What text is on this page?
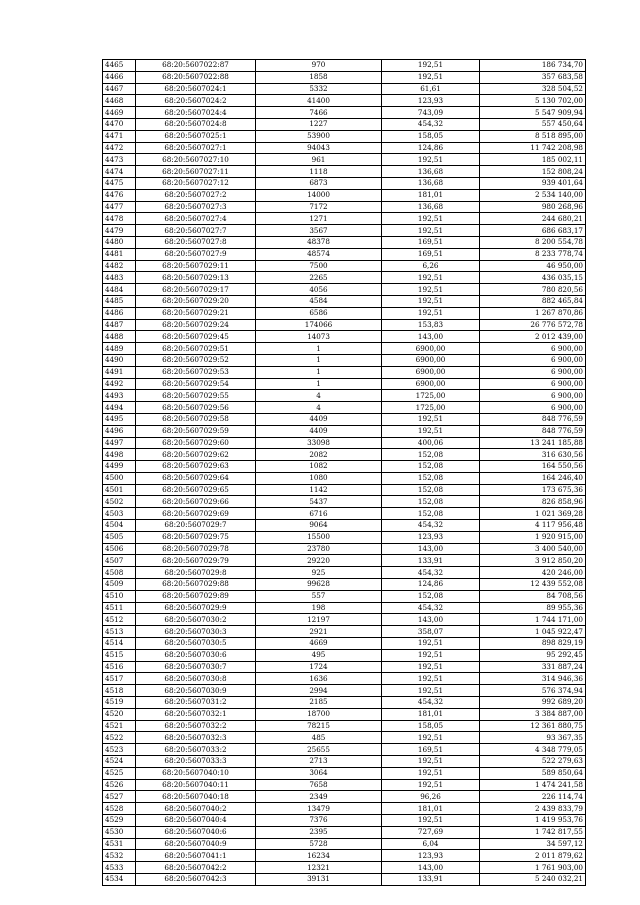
4465	68:20:5607022:87	970	192,51	186 734,70
4466	68:20:5607022:88	1858	192,51	357 683,58
4467	68:20:5607024:1	5332	61,61	328 504,52
4468	68:20:5607024:2	41400	123,93	5 130 702,00
4469	68:20:5607024:4	7466	743,09	5 547 909,94
4470	68:20:5607024:8	1227	454,32	557 450,64
4471	68:20:5607025:1	53900	158,05	8 518 895,00
4472	68:20:5607027:1	94043	124,86	11 742 208,98
4473	68:20:5607027:10	961	192,51	185 002,11
4474	68:20:5607027:11	1118	136,68	152 808,24
4475	68:20:5607027:12	6873	136,68	939 401,64
4476	68:20:5607027:2	14000	181,01	2 534 140,00
4477	68:20:5607027:3	7172	136,68	980 268,96
4478	68:20:5607027:4	1271	192,51	244 680,21
4479	68:20:5607027:7	3567	192,51	686 683,17
4480	68:20:5607027:8	48378	169,51	8 200 554,78
4481	68:20:5607027:9	48574	169,51	8 233 778,74
4482	68:20:5607029:11	7500	6,26	46 950,00
4483	68:20:5607029:13	2265	192,51	436 035,15
4484	68:20:5607029:17	4056	192,51	780 820,56
4485	68:20:5607029:20	4584	192,51	882 465,84
4486	68:20:5607029:21	6586	192,51	1 267 870,86
4487	68:20:5607029:24	174066	153,83	26 776 572,78
4488	68:20:5607029:45	14073	143,00	2 012 439,00
4489	68:20:5607029:51	1	6900,00	6 900,00
4490	68:20:5607029:52	1	6900,00	6 900,00
4491	68:20:5607029:53	1	6900,00	6 900,00
4492	68:20:5607029:54	1	6900,00	6 900,00
4493	68:20:5607029:55	4	1725,00	6 900,00
4494	68:20:5607029:56	4	1725,00	6 900,00
4495	68:20:5607029:58	4409	192,51	848 776,59
4496	68:20:5607029:59	4409	192,51	848 776,59
4497	68:20:5607029:60	33098	400,06	13 241 185,88
4498	68:20:5607029:62	2082	152,08	316 630,56
4499	68:20:5607029:63	1082	152,08	164 550,56
4500	68:20:5607029:64	1080	152,08	164 246,40
4501	68:20:5607029:65	1142	152,08	173 675,36
4502	68:20:5607029:66	5437	152,08	826 858,96
4503	68:20:5607029:69	6716	152,08	1 021 369,28
4504	68:20:5607029:7	9064	454,32	4 117 956,48
4505	68:20:5607029:75	15500	123,93	1 920 915,00
4506	68:20:5607029:78	23780	143,00	3 400 540,00
4507	68:20:5607029:79	29220	133,91	3 912 850,20
4508	68:20:5607029:8	925	454,32	420 246,00
4509	68:20:5607029:88	99628	124,86	12 439 552,08
4510	68:20:5607029:89	557	152,08	84 708,56
4511	68:20:5607029:9	198	454,32	89 955,36
4512	68:20:5607030:2	12197	143,00	1 744 171,00
4513	68:20:5607030:3	2921	358,07	1 045 922,47
4514	68:20:5607030:5	4669	192,51	898 829,19
4515	68:20:5607030:6	495	192,51	95 292,45
4516	68:20:5607030:7	1724	192,51	331 887,24
4517	68:20:5607030:8	1636	192,51	314 946,36
4518	68:20:5607030:9	2994	192,51	576 374,94
4519	68:20:5607031:2	2185	454,32	992 689,20
4520	68:20:5607032:1	18700	181,01	3 384 887,00
4521	68:20:5607032:2	78215	158,05	12 361 880,75
4522	68:20:5607032:3	485	192,51	93 367,35
4523	68:20:5607033:2	25655	169,51	4 348 779,05
4524	68:20:5607033:3	2713	192,51	522 279,63
4525	68:20:5607040:10	3064	192,51	589 850,64
4526	68:20:5607040:11	7658	192,51	1 474 241,58
4527	68:20:5607040:18	2349	96,26	226 114,74
4528	68:20:5607040:2	13479	181,01	2 439 833,79
4529	68:20:5607040:4	7376	192,51	1 419 953,76
4530	68:20:5607040:6	2395	727,69	1 742 817,55
4531	68:20:5607040:9	5728	6,04	34 597,12
4532	68:20:5607041:1	16234	123,93	2 011 879,62
4533	68:20:5607042:2	12321	143,00	1 761 903,00
4534	68:20:5607042:3	39131	133,91	5 240 032,21
